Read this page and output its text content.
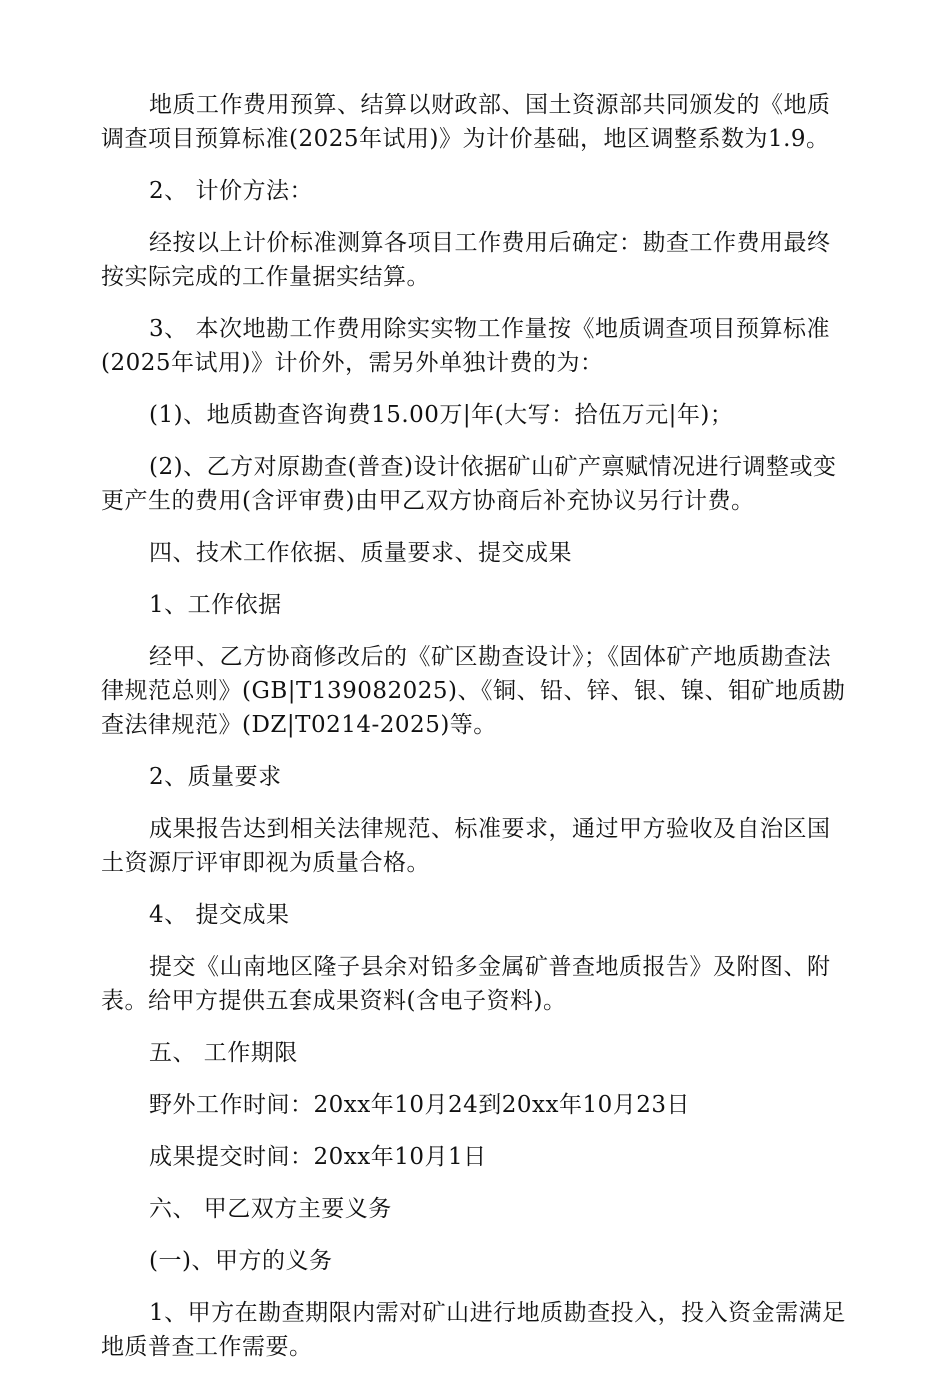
地质工作费用预算、结算以财政部、国土资源部共同颁发的《地质调查项目预算标准(2025年试用)》为计价基础，地区调整系数为1.9。

2、 计价方法：

经按以上计价标准测算各项目工作费用后确定：勘查工作费用最终按实际完成的工作量据实结算。

3、 本次地勘工作费用除实实物工作量按《地质调查项目预算标准(2025年试用)》计价外，需另外单独计费的为：

(1)、地质勘查咨询费15.00万|年(大写：拾伍万元|年)；

(2)、乙方对原勘查(普查)设计依据矿山矿产禀赋情况进行调整或变更产生的费用(含评审费)由甲乙双方协商后补充协议另行计费。

四、技术工作依据、质量要求、提交成果

1、工作依据

经甲、乙方协商修改后的《矿区勘查设计》；《固体矿产地质勘查法律规范总则》(GB|T139082025)、《铜、铅、锌、银、镍、钼矿地质勘查法律规范》(DZ|T0214-2025)等。

2、质量要求

成果报告达到相关法律规范、标准要求，通过甲方验收及自治区国土资源厅评审即视为质量合格。

4、 提交成果

提交《山南地区隆子县余对铅多金属矿普查地质报告》及附图、附表。给甲方提供五套成果资料(含电子资料)。

五、 工作期限

野外工作时间：20xx年10月24到20xx年10月23日

成果提交时间：20xx年10月1日

六、 甲乙双方主要义务

(一)、甲方的义务

1、甲方在勘查期限内需对矿山进行地质勘查投入，投入资金需满足地质普查工作需要。
